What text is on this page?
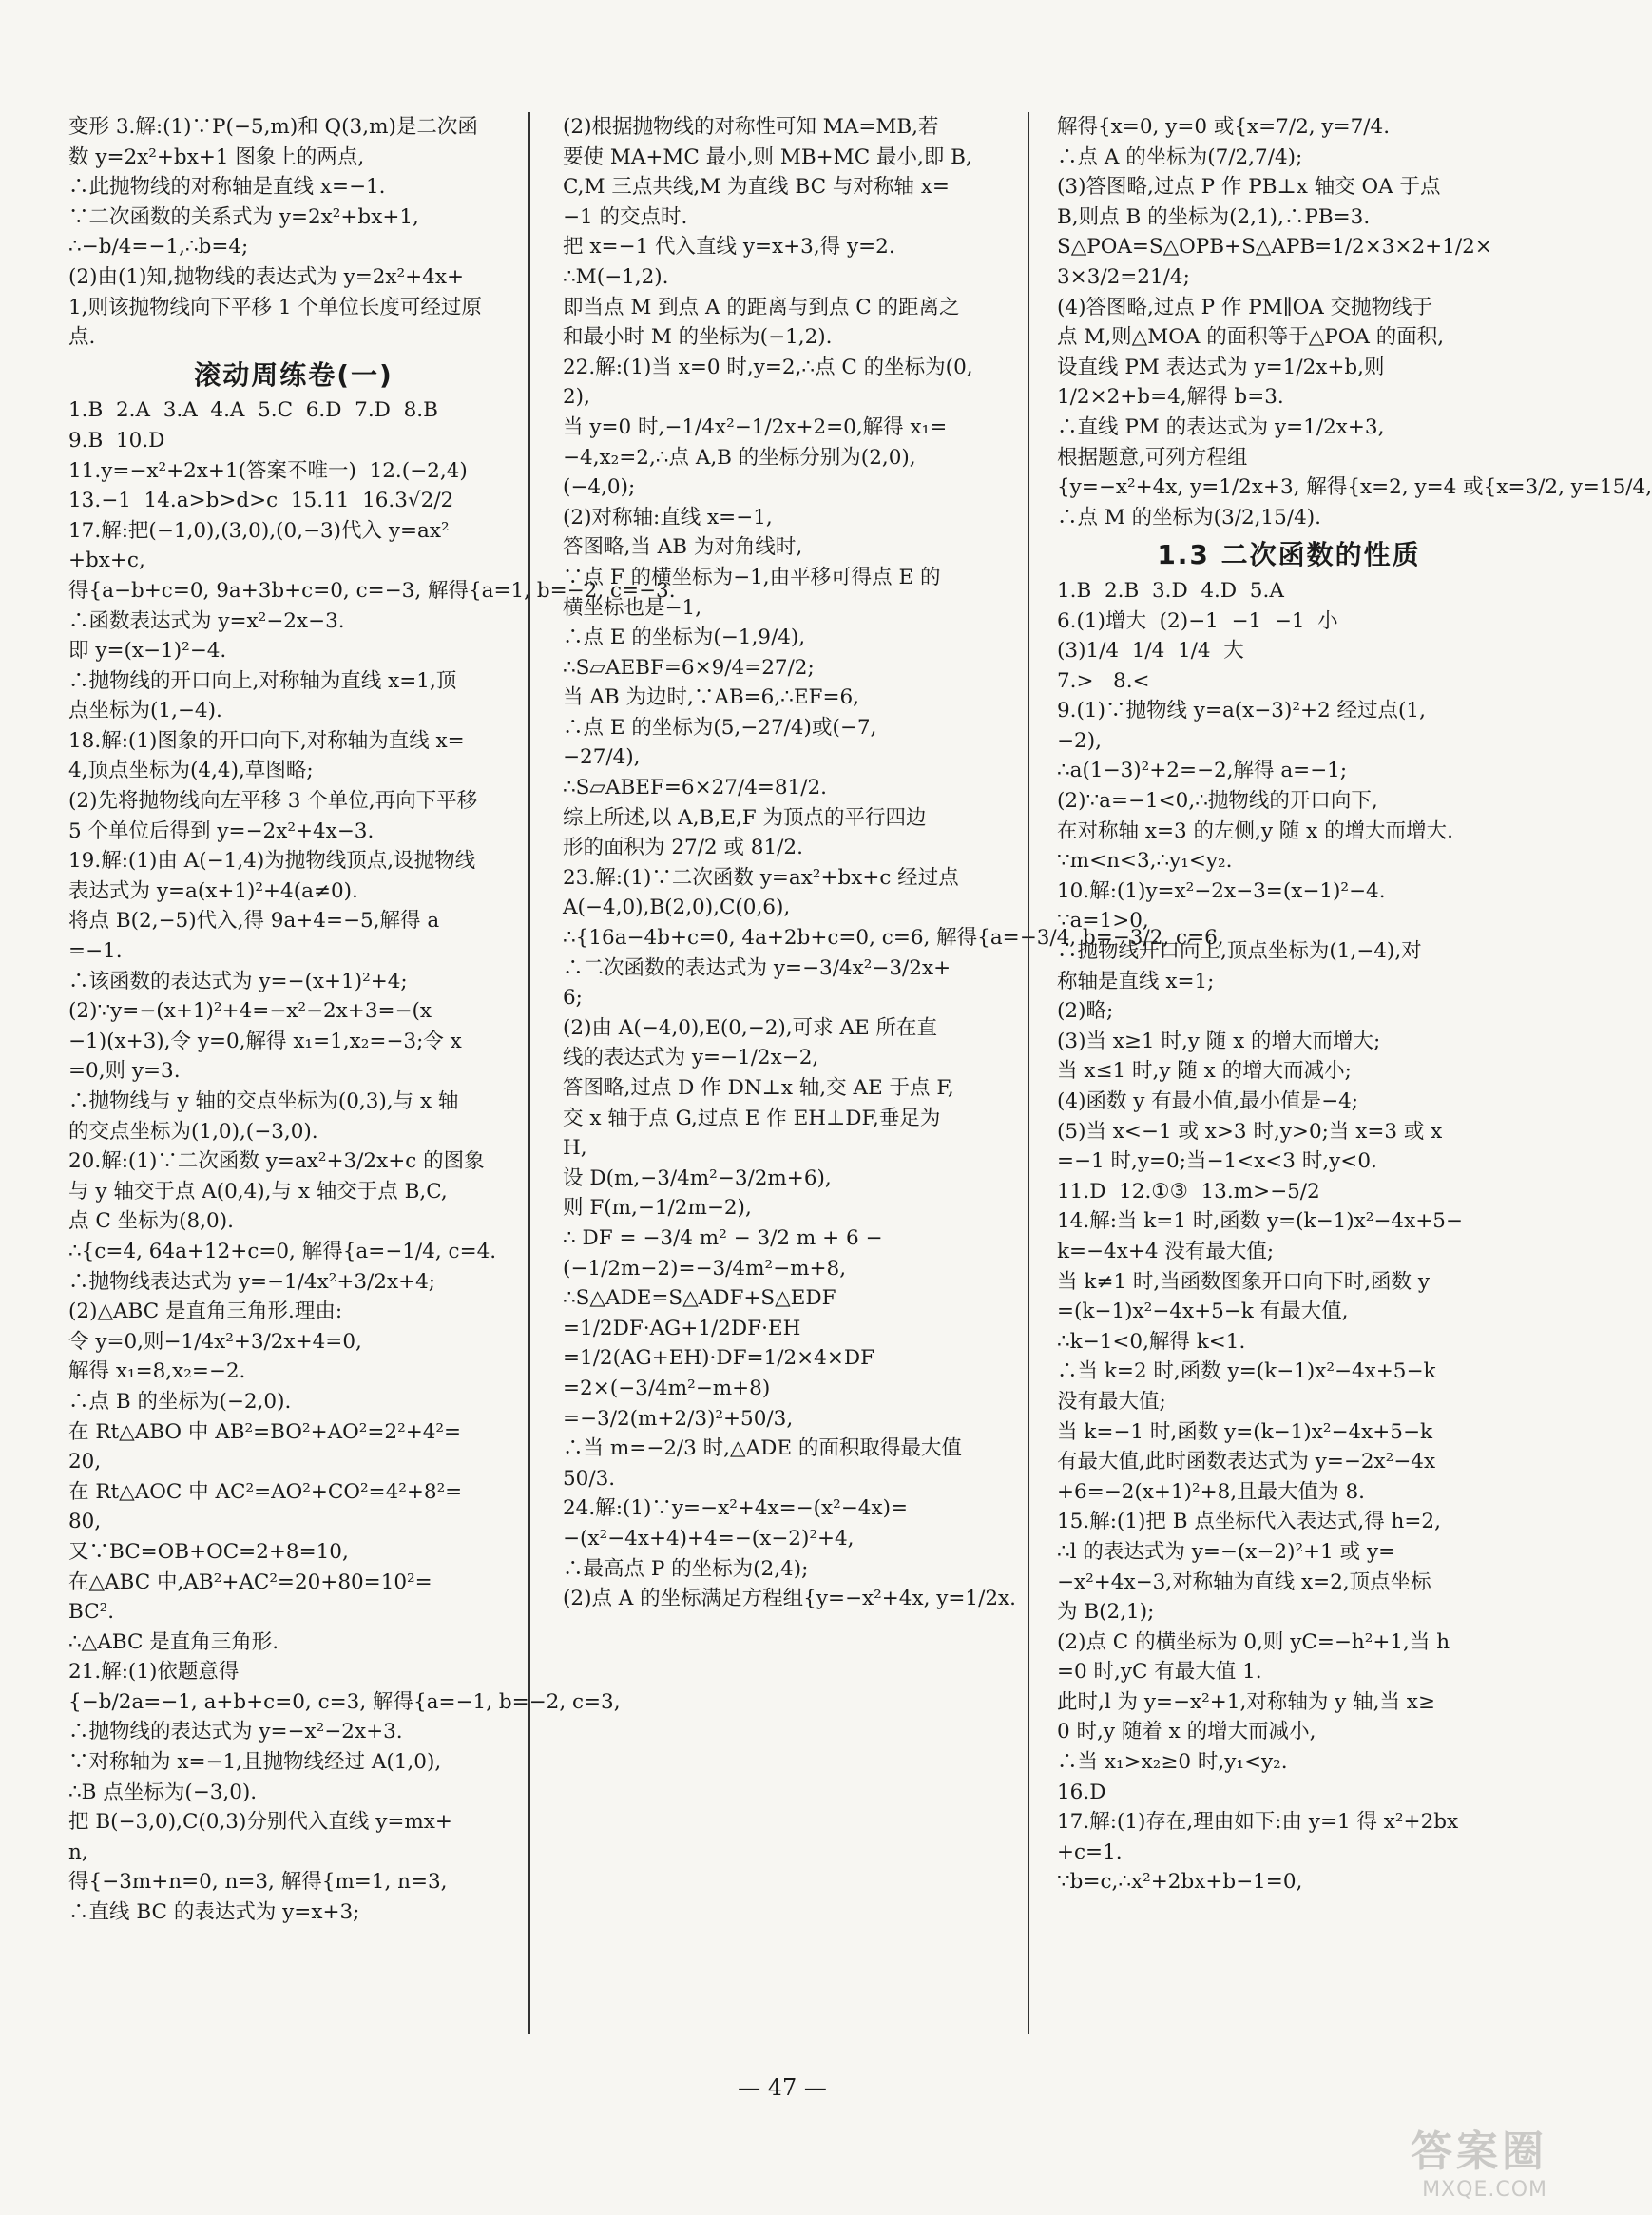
变形 3.解:(1)∵P(−5,m)和 Q(3,m)是二次函
数 y=2x²+bx+1 图象上的两点,
∴此抛物线的对称轴是直线 x=−1.
∵二次函数的关系式为 y=2x²+bx+1,
∴−b/4=−1,∴b=4;
(2)由(1)知,抛物线的表达式为 y=2x²+4x+
1,则该抛物线向下平移 1 个单位长度可经过原
点.
滚动周练卷(一)
1.B  2.A  3.A  4.A  5.C  6.D  7.D  8.B
9.B  10.D
11.y=−x²+2x+1(答案不唯一)  12.(−2,4)
13.−1  14.a>b>d>c  15.11  16.3√2/2
17.解:把(−1,0),(3,0),(0,−3)代入 y=ax²
+bx+c,
得{a−b+c=0, 9a+3b+c=0, c=−3, 解得{a=1, b=−2, c=−3.
∴函数表达式为 y=x²−2x−3.
即 y=(x−1)²−4.
∴抛物线的开口向上,对称轴为直线 x=1,顶
点坐标为(1,−4).
18.解:(1)图象的开口向下,对称轴为直线 x=
4,顶点坐标为(4,4),草图略;
(2)先将抛物线向左平移 3 个单位,再向下平移
5 个单位后得到 y=−2x²+4x−3.
19.解:(1)由 A(−1,4)为抛物线顶点,设抛物线
表达式为 y=a(x+1)²+4(a≠0).
将点 B(2,−5)代入,得 9a+4=−5,解得 a
=−1.
∴该函数的表达式为 y=−(x+1)²+4;
(2)∵y=−(x+1)²+4=−x²−2x+3=−(x
−1)(x+3),令 y=0,解得 x₁=1,x₂=−3;令 x
=0,则 y=3.
∴抛物线与 y 轴的交点坐标为(0,3),与 x 轴
的交点坐标为(1,0),(−3,0).
20.解:(1)∵二次函数 y=ax²+3/2x+c 的图象
与 y 轴交于点 A(0,4),与 x 轴交于点 B,C,
点 C 坐标为(8,0).
∴{c=4, 64a+12+c=0, 解得{a=−1/4, c=4.
∴抛物线表达式为 y=−1/4x²+3/2x+4;
(2)△ABC 是直角三角形.理由:
令 y=0,则−1/4x²+3/2x+4=0,
解得 x₁=8,x₂=−2.
∴点 B 的坐标为(−2,0).
在 Rt△ABO 中 AB²=BO²+AO²=2²+4²=
20,
在 Rt△AOC 中 AC²=AO²+CO²=4²+8²=
80,
又∵BC=OB+OC=2+8=10,
在△ABC 中,AB²+AC²=20+80=10²=
BC².
∴△ABC 是直角三角形.
21.解:(1)依题意得
{−b/2a=−1, a+b+c=0, c=3, 解得{a=−1, b=−2, c=3,
∴抛物线的表达式为 y=−x²−2x+3.
∵对称轴为 x=−1,且抛物线经过 A(1,0),
∴B 点坐标为(−3,0).
把 B(−3,0),C(0,3)分别代入直线 y=mx+
n,
得{−3m+n=0, n=3, 解得{m=1, n=3,
∴直线 BC 的表达式为 y=x+3;
(2)根据抛物线的对称性可知 MA=MB,若
要使 MA+MC 最小,则 MB+MC 最小,即 B,
C,M 三点共线,M 为直线 BC 与对称轴 x=
−1 的交点时.
把 x=−1 代入直线 y=x+3,得 y=2.
∴M(−1,2).
即当点 M 到点 A 的距离与到点 C 的距离之
和最小时 M 的坐标为(−1,2).
22.解:(1)当 x=0 时,y=2,∴点 C 的坐标为(0,
2),
当 y=0 时,−1/4x²−1/2x+2=0,解得 x₁=
−4,x₂=2,∴点 A,B 的坐标分别为(2,0),
(−4,0);
(2)对称轴:直线 x=−1,
答图略,当 AB 为对角线时,
∵点 F 的横坐标为−1,由平移可得点 E 的
横坐标也是−1,
∴点 E 的坐标为(−1,9/4),
∴S▱AEBF=6×9/4=27/2;
当 AB 为边时,∵AB=6,∴EF=6,
∴点 E 的坐标为(5,−27/4)或(−7,
−27/4),
∴S▱ABEF=6×27/4=81/2.
综上所述,以 A,B,E,F 为顶点的平行四边
形的面积为 27/2 或 81/2.
23.解:(1)∵二次函数 y=ax²+bx+c 经过点
A(−4,0),B(2,0),C(0,6),
∴{16a−4b+c=0, 4a+2b+c=0, c=6, 解得{a=−3/4, b=−3/2, c=6,
∴二次函数的表达式为 y=−3/4x²−3/2x+
6;
(2)由 A(−4,0),E(0,−2),可求 AE 所在直
线的表达式为 y=−1/2x−2,
答图略,过点 D 作 DN⊥x 轴,交 AE 于点 F,
交 x 轴于点 G,过点 E 作 EH⊥DF,垂足为
H,
设 D(m,−3/4m²−3/2m+6),
则 F(m,−1/2m−2),
∴ DF = −3/4 m² − 3/2 m + 6 −
(−1/2m−2)=−3/4m²−m+8,
∴S△ADE=S△ADF+S△EDF
=1/2DF·AG+1/2DF·EH
=1/2(AG+EH)·DF=1/2×4×DF
=2×(−3/4m²−m+8)
=−3/2(m+2/3)²+50/3,
∴当 m=−2/3 时,△ADE 的面积取得最大值
50/3.
24.解:(1)∵y=−x²+4x=−(x²−4x)=
−(x²−4x+4)+4=−(x−2)²+4,
∴最高点 P 的坐标为(2,4);
(2)点 A 的坐标满足方程组{y=−x²+4x, y=1/2x.
解得{x=0, y=0 或{x=7/2, y=7/4.
∴点 A 的坐标为(7/2,7/4);
(3)答图略,过点 P 作 PB⊥x 轴交 OA 于点
B,则点 B 的坐标为(2,1),∴PB=3.
S△POA=S△OPB+S△APB=1/2×3×2+1/2×
3×3/2=21/4;
(4)答图略,过点 P 作 PM∥OA 交抛物线于
点 M,则△MOA 的面积等于△POA 的面积,
设直线 PM 表达式为 y=1/2x+b,则
1/2×2+b=4,解得 b=3.
∴直线 PM 的表达式为 y=1/2x+3,
根据题意,可列方程组
{y=−x²+4x, y=1/2x+3, 解得{x=2, y=4 或{x=3/2, y=15/4,
∴点 M 的坐标为(3/2,15/4).
1.3 二次函数的性质
1.B  2.B  3.D  4.D  5.A
6.(1)增大  (2)−1  −1  −1  小
(3)1/4  1/4  1/4  大
7.>   8.<
9.(1)∵抛物线 y=a(x−3)²+2 经过点(1,
−2),
∴a(1−3)²+2=−2,解得 a=−1;
(2)∵a=−1<0,∴抛物线的开口向下,
在对称轴 x=3 的左侧,y 随 x 的增大而增大.
∵m<n<3,∴y₁<y₂.
10.解:(1)y=x²−2x−3=(x−1)²−4.
∵a=1>0,
∴抛物线开口向上,顶点坐标为(1,−4),对
称轴是直线 x=1;
(2)略;
(3)当 x≥1 时,y 随 x 的增大而增大;
当 x≤1 时,y 随 x 的增大而减小;
(4)函数 y 有最小值,最小值是−4;
(5)当 x<−1 或 x>3 时,y>0;当 x=3 或 x
=−1 时,y=0;当−1<x<3 时,y<0.
11.D  12.①③  13.m>−5/2
14.解:当 k=1 时,函数 y=(k−1)x²−4x+5−
k=−4x+4 没有最大值;
当 k≠1 时,当函数图象开口向下时,函数 y
=(k−1)x²−4x+5−k 有最大值,
∴k−1<0,解得 k<1.
∴当 k=2 时,函数 y=(k−1)x²−4x+5−k
没有最大值;
当 k=−1 时,函数 y=(k−1)x²−4x+5−k
有最大值,此时函数表达式为 y=−2x²−4x
+6=−2(x+1)²+8,且最大值为 8.
15.解:(1)把 B 点坐标代入表达式,得 h=2,
∴l 的表达式为 y=−(x−2)²+1 或 y=
−x²+4x−3,对称轴为直线 x=2,顶点坐标
为 B(2,1);
(2)点 C 的横坐标为 0,则 yC=−h²+1,当 h
=0 时,yC 有最大值 1.
此时,l 为 y=−x²+1,对称轴为 y 轴,当 x≥
0 时,y 随着 x 的增大而减小,
∴当 x₁>x₂≥0 时,y₁<y₂.
16.D
17.解:(1)存在,理由如下:由 y=1 得 x²+2bx
+c=1.
∵b=c,∴x²+2bx+b−1=0,
— 47 —
答案圈
MXQE.COM
